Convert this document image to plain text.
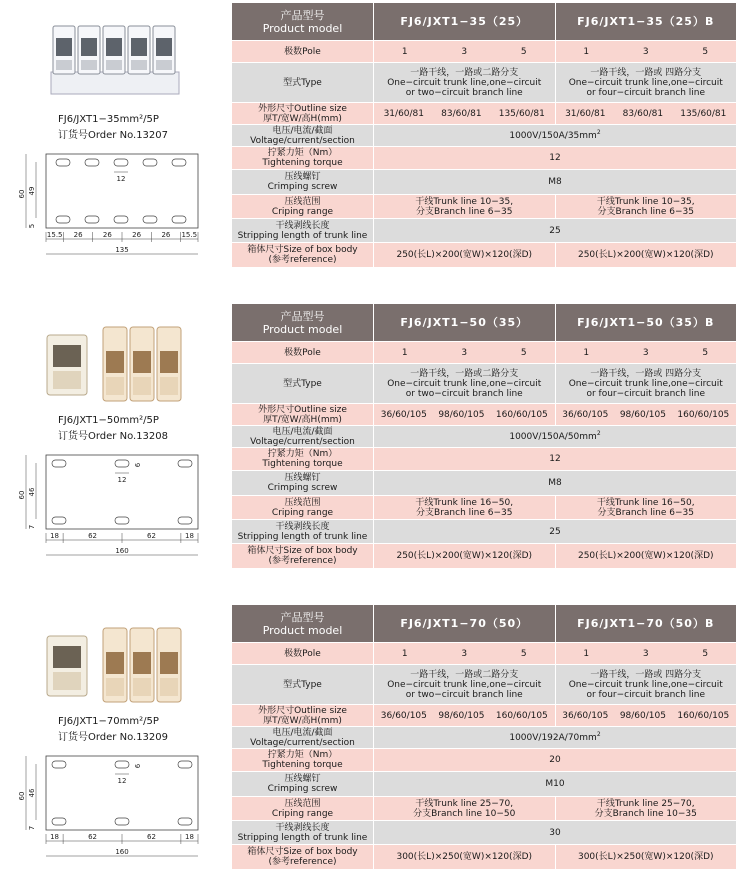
FJ6/JXT1−35mm²/5P
订货号Order No.13207
12
60 49
5
15.5 26	26	26	26 15.5
135
产品型号
Product model	FJ6/JXT1−35（25）	FJ6/JXT1−35（25）B
极数Pole	1 3 5	1 3 5

型式Type	一路干线，一路或二路分支
One−circuit trunk line,one−circuit
or two−circuit branch line	一路干线，一路或 四路分支
One−circuit trunk line,one−circuit
or four−circuit branch line
外形尺寸Outline size
厚T/宽W/高H(mm)	31/60/81 83/60/81 135/60/81	31/60/81 83/60/81 135/60/81

电压/电流/截面
Voltage/current/section	$1000V/150A/35mm^2$
拧紧力矩（Nm）
Tightening torque	12	
压线螺钉
Crimping screw	M8	
压线范围
Criping range	干线Trunk line 10−35,
分支Branch line 6−35	干线Trunk line 10−35,
分支Branch line 6−35
干线剥线长度
Stripping length of trunk line	25	
箱体尺寸Size of box body
(参考reference)	250(长L)×200(宽W)×120(深D)	250(长L)×200(宽W)×120(深D)
FJ6/JXT1−50mm²/5P
订货号Order No.13208
12
6
60 46
7
18	62	62	18
160
产品型号
Product model	FJ6/JXT1−50（35）	FJ6/JXT1−50（35）B
极数Pole	1 3 5	1 3 5

型式Type	一路干线，一路或二路分支
One−circuit trunk line,one−circuit
or two−circuit branch line	一路干线，一路或 四路分支
One−circuit trunk line,one−circuit
or four−circuit branch line
外形尺寸Outline size
厚T/宽W/高H(mm)	36/60/105 98/60/105 160/60/105	36/60/105 98/60/105 160/60/105

电压/电流/截面
Voltage/current/section	$1000V/150A/50mm^2$
拧紧力矩（Nm）
Tightening torque	12	
压线螺钉
Crimping screw	M8	
压线范围
Criping range	干线Trunk line 16−50,
分支Branch line 6−35	干线Trunk line 16−50,
分支Branch line 6−35
干线剥线长度
Stripping length of trunk line	25	
箱体尺寸Size of box body
(参考reference)	250(长L)×200(宽W)×120(深D)	250(长L)×200(宽W)×120(深D)
FJ6/JXT1−70mm²/5P
订货号Order No.13209
12
6
60 46
7
18	62	62	18
160
产品型号
Product model	FJ6/JXT1−70（50）	FJ6/JXT1−70（50）B
极数Pole	1 3 5	1 3 5

型式Type	一路干线，一路或二路分支
One−circuit trunk line,one−circuit
or two−circuit branch line	一路干线，一路或 四路分支
One−circuit trunk line,one−circuit
or four−circuit branch line
外形尺寸Outline size
厚T/宽W/高H(mm)	36/60/105 98/60/105 160/60/105	36/60/105 98/60/105 160/60/105

电压/电流/截面
Voltage/current/section	$1000V/192A/70mm^2$
拧紧力矩（Nm）
Tightening torque	20	
压线螺钉
Crimping screw	M10	
压线范围
Criping range	干线Trunk line 25−70,
分支Branch line 10−50	干线Trunk line 25−70,
分支Branch line 10−35
干线剥线长度
Stripping length of trunk line	30	
箱体尺寸Size of box body
(参考reference)	300(长L)×250(宽W)×120(深D)	300(长L)×250(宽W)×120(深D)
